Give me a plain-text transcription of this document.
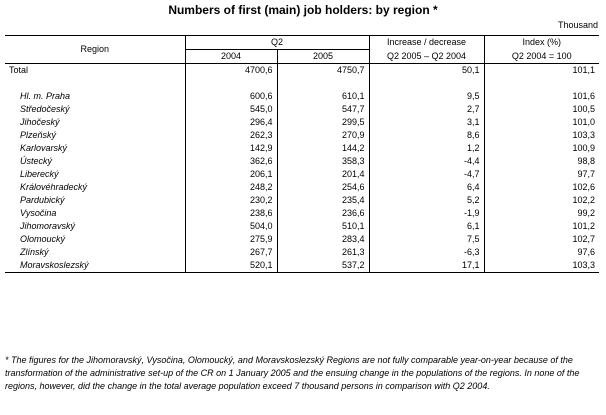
Numbers of first (main) job holders: by region *
Thousand
Region	Q2		Increase / decrease	Index (%)
	2004	2005	Q2 2005 – Q2 2004	Q2 2004 = 100
Total	4700,6	4750,7	50,1	101,1

Hl. m. Praha	600,6	610,1	9,5	101,6
Středočeský	545,0	547,7	2,7	100,5
Jihočeský	296,4	299,5	3,1	101,0
Plzeňský	262,3	270,9	8,6	103,3
Karlovarský	142,9	144,2	1,2	100,9
Ústecký	362,6	358,3	-4,4	98,8
Liberecký	206,1	201,4	-4,7	97,7
Královéhradecký	248,2	254,6	6,4	102,6
Pardubický	230,2	235,4	5,2	102,2
Vysočina	238,6	236,6	-1,9	99,2
Jihomoravský	504,0	510,1	6,1	101,2
Olomoucký	275,9	283,4	7,5	102,7
Zlínský	267,7	261,3	-6,3	97,6
Moravskoslezský	520,1	537,2	17,1	103,3
* The figures for the Jihomoravský, Vysočina, Olomoucký, and Moravskoslezský Regions are not fully comparable year-on-year because of the transformation of the administrative set-up of the CR on 1 January 2005 and the ensuing change in the populations of the regions. In none of the regions, however, did the change in the total average population exceed 7 thousand persons in comparison with Q2 2004.
